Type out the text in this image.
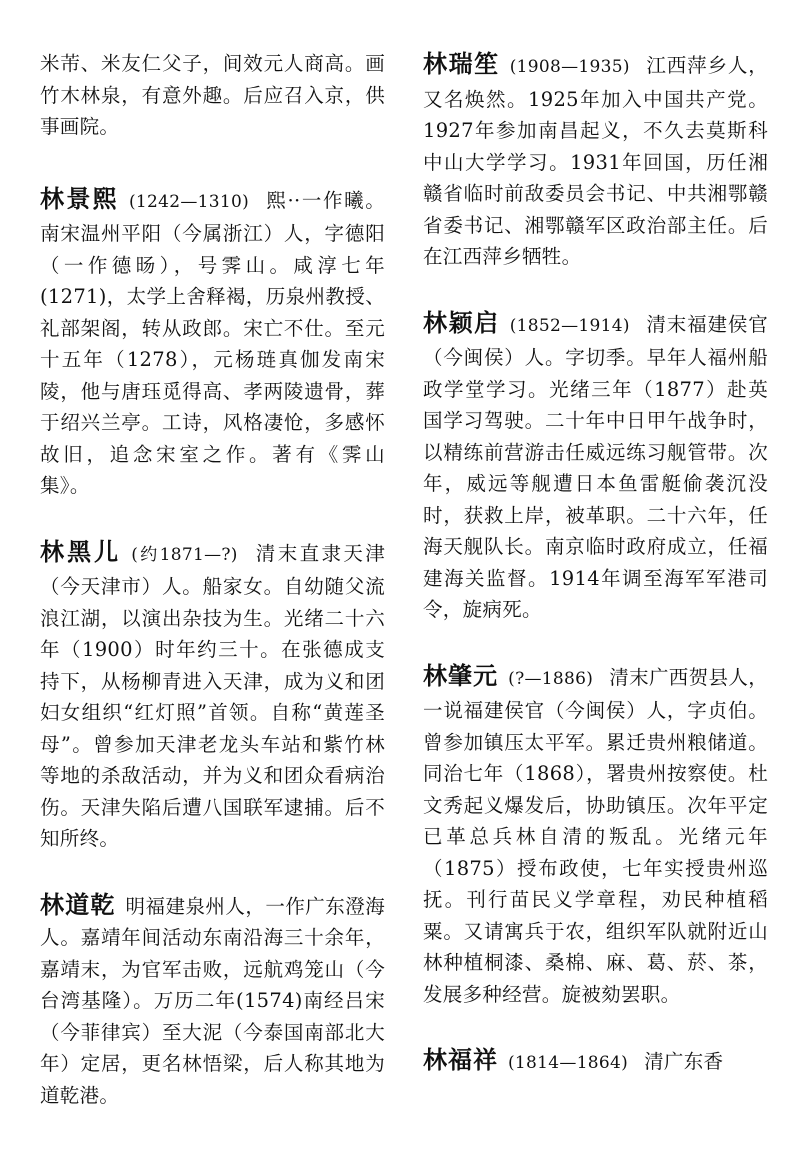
米芾、米友仁父子，间效元人商高。画竹木林泉，有意外趣。后应召入京，供事画院。

林景熙 (1242—1310) 熙··一作曦。南宋温州平阳（今属浙江）人，字德阳（一作德旸），号霁山。咸淳七年(1271)，太学上舍释褐，历泉州教授、礼部架阁，转从政郎。宋亡不仕。至元十五年（1278），元杨琏真伽发南宋陵，他与唐珏觅得高、孝两陵遗骨，葬于绍兴兰亭。工诗，风格凄怆，多感怀故旧，追念宋室之作。著有《霁山集》。

林黑儿 (约1871—?) 清末直隶天津（今天津市）人。船家女。自幼随父流浪江湖，以演出杂技为生。光绪二十六年（1900）时年约三十。在张德成支持下，从杨柳青进入天津，成为义和团妇女组织“红灯照”首领。自称“黄莲圣母”。曾参加天津老龙头车站和紫竹林等地的杀敌活动，并为义和团众看病治伤。天津失陷后遭八国联军逮捕。后不知所终。

林道乾 明福建泉州人，一作广东澄海人。嘉靖年间活动东南沿海三十余年，嘉靖末，为官军击败，远航鸡笼山（今台湾基隆）。万历二年(1574)南经吕宋（今菲律宾）至大泥（今泰国南部北大年）定居，更名林悟梁，后人称其地为道乾港。

林瑞笙 (1908—1935) 江西萍乡人，又名焕然。1925年加入中国共产党。1927年参加南昌起义，不久去莫斯科中山大学学习。1931年回国，历任湘赣省临时前敌委员会书记、中共湘鄂赣省委书记、湘鄂赣军区政治部主任。后在江西萍乡牺牲。

林颖启 (1852—1914) 清末福建侯官（今闽侯）人。字切季。早年人福州船政学堂学习。光绪三年（1877）赴英国学习驾驶。二十年中日甲午战争时，以精练前营游击任威远练习舰管带。次年，威远等舰遭日本鱼雷艇偷袭沉没时，获救上岸，被革职。二十六年，任海天舰队长。南京临时政府成立，任福建海关监督。1914年调至海军军港司令，旋病死。

林肇元 (?—1886) 清末广西贺县人，一说福建侯官（今闽侯）人，字贞伯。曾参加镇压太平军。累迁贵州粮储道。同治七年（1868），署贵州按察使。杜文秀起义爆发后，协助镇压。次年平定已革总兵林自清的叛乱。光绪元年（1875）授布政使，七年实授贵州巡抚。刊行苗民义学章程，劝民种植稻粟。又请寓兵于农，组织军队就附近山林种植桐漆、桑棉、麻、葛、菸、茶，发展多种经营。旋被劾罢职。

林福祥 (1814—1864) 清广东香
